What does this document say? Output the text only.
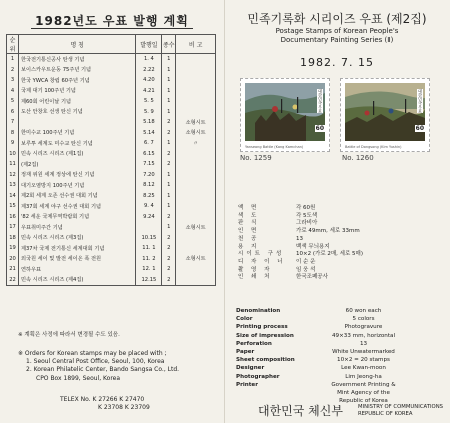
1982년도 우표 발행 계획
순위	명 칭	발행일	종수	비 고
1	한국전기통신공사 탄생 기념	1. 4	1	
2	보이스카우트운동 75주년 기념	2.22	1	
3	한국 YWCA 창립 60주년 기념	4.20	1	
4	국제 대기 100주년 기념	4.21	1	
5	제60회 어린이날 기념	5. 5	1	
6	도산 안창호 선생 탄신 기념	5. 9	1	
7		5.18	2	소형시트
8	한미수교 100주년 기념	5.14	2	소형시트
9	보루투 세계도 미수교 탄신 기념	6. 7	1	〃
10	민속 시리즈 시리즈 (제1집)	6.15	2	
11	(제2집)	7.15	2	
12	정재 위원 세계 정상에 탄신 기념	7.20	1	
13	대기오염방지 100주년 기념	8.12	1	
14	제2회 세계 오존 선수권 대회 기념	8.25	1	
15	제37회 세계 야구 선수권 대회 기념	9. 4	1	
16	'82 세운 국제무역박람회 기념	9.24	2	
17	우표취미주간 기념		1	소형시트
18	민속 시리즈 시리즈 (제3집)	10.15	2	
19	제37차 국제 전기통신 세계대회 기념	11. 1	2	
20	외국원 세이 및 발전 세이온 폭 전원	11. 2	2	소형시트
21	연하우표	12. 1	2	
22	민속 시리즈 시리즈 (제4집)	12.15	2	
※ 계획은 사정에 따라서 변경될 수도 있음.
※ Orders for Korean stamps may be placed with ;
1. Seoul Central Post Office, Seoul, 100, Korea
2. Korean Philatelic Center, Bando Sangsa Co., Ltd.
CPO Box 1899, Seoul, Korea
TELEX No. K 27266 K 27470
K 23708 K 23709
민족기록화 시리이즈 우표 (제2집)
Postage Stamps of Korean People's
Documentary Painting Series (Ⅱ)
1982. 7. 15
대한민국우표
60
Yanseong Battle (Kang Kamchan)
대한민국우표
60
Battle of Dongsong (Kim Yushin)
No. 1259	No. 1260
액 면	각 60원
색 도	각 5도색
판 식	그라비아
인 면	가로 49mm, 세로 33mm
천 공	13
용 지	백색 무늬용지
시이트 구성	10×2 (가로 2매, 세로 5매)
디 자 이 너	이 순 운
촬 영 자	임 웅 석
인 쇄 처	한국조폐공사
Denomination	60 won each
Color	5 colors
Printing process	Photogravure
Size of impression	49×33 mm, horizontal
Perforation	13
Paper	White Unwatermarked
Sheet composition	10×2 = 20 stamps
Designer	Lee Kwan-moon
Photographer	Lim Jeong-ha
Printer	Government Printing &
Mint Agency of the
Republic of Korea
대한민국 체신부	MINISTRY OF COMMUNICATIONS
REPUBLIC OF KOREA
